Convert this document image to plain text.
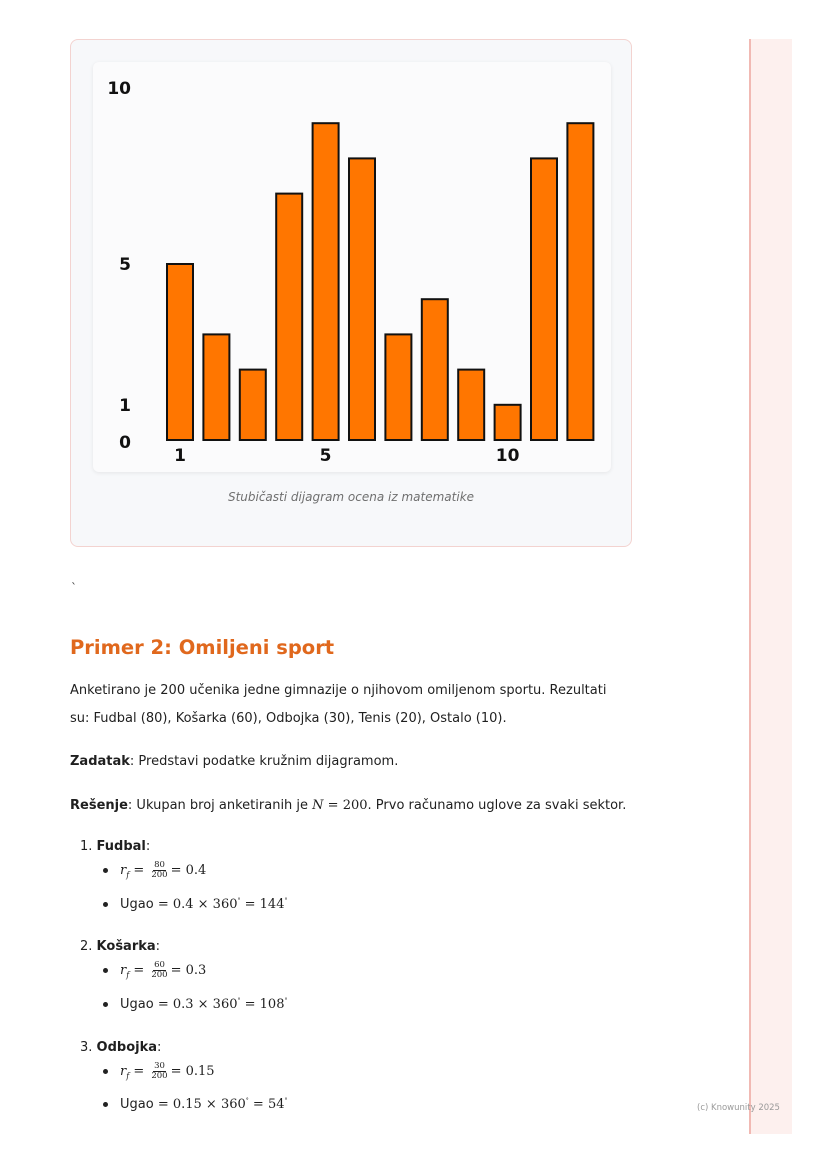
0
1
5
10
1	5	10
Stubičasti dijagram ocena iz matematike
`
Primer 2: Omiljeni sport

Anketirano je 200 učenika jedne gimnazije o njihovom omiljenom sportu. Rezultati
su: Fudbal (80), Košarka (60), Odbojka (30), Tenis (20), Ostalo (10).

Zadatak: Predstavi podatke kružnim dijagramom.

Rešenje: Ukupan broj anketiranih je N = 200. Prvo računamo uglove za svaki sektor.

1. Fudbal:

$r_f = \frac{80}{200} = 0.4$
Ugao
= 0.4 × 360° = 144°

2. Košarka:

$r_f = \frac{60}{200} = 0.3$
Ugao
= 0.3 × 360° = 108°

3. Odbojka:

$r_f = \frac{30}{200} = 0.15$
Ugao
= 0.15 × 360° = 54°
(c) Knowunity 2025
